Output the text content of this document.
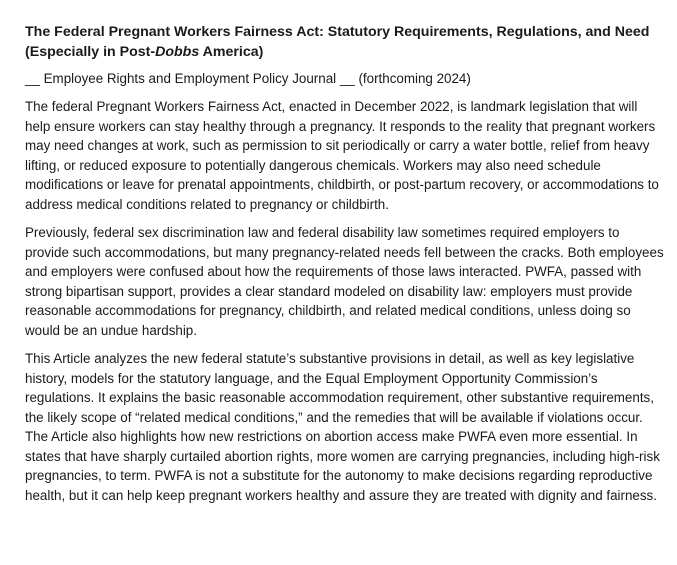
The Federal Pregnant Workers Fairness Act: Statutory Requirements, Regulations, and Need (Especially in Post-Dobbs America)

__ Employee Rights and Employment Policy Journal __ (forthcoming 2024)

The federal Pregnant Workers Fairness Act, enacted in December 2022, is landmark legislation that will help ensure workers can stay healthy through a pregnancy. It responds to the reality that pregnant workers may need changes at work, such as permission to sit periodically or carry a water bottle, relief from heavy lifting, or reduced exposure to potentially dangerous chemicals. Workers may also need schedule modifications or leave for prenatal appointments, childbirth, or post-partum recovery, or accommodations to address medical conditions related to pregnancy or childbirth.

Previously, federal sex discrimination law and federal disability law sometimes required employers to provide such accommodations, but many pregnancy-related needs fell between the cracks. Both employees and employers were confused about how the requirements of those laws interacted. PWFA, passed with strong bipartisan support, provides a clear standard modeled on disability law: employers must provide reasonable accommodations for pregnancy, childbirth, and related medical conditions, unless doing so would be an undue hardship.

This Article analyzes the new federal statute’s substantive provisions in detail, as well as key legislative history, models for the statutory language, and the Equal Employment Opportunity Commission’s regulations. It explains the basic reasonable accommodation requirement, other substantive requirements, the likely scope of “related medical conditions,” and the remedies that will be available if violations occur. The Article also highlights how new restrictions on abortion access make PWFA even more essential. In states that have sharply curtailed abortion rights, more women are carrying pregnancies, including high-risk pregnancies, to term. PWFA is not a substitute for the autonomy to make decisions regarding reproductive health, but it can help keep pregnant workers healthy and assure they are treated with dignity and fairness.
